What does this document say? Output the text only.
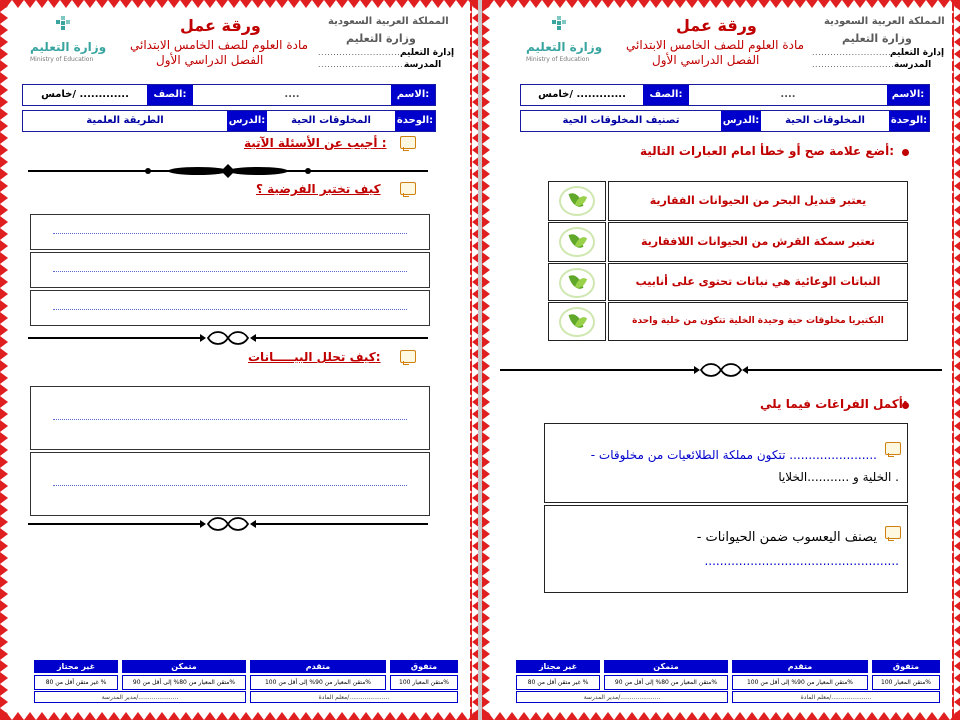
المملكة العربية السعودية
وزارة التعليم
إدارة التعليم
...............................
المدرسة
...............................
ورقة عمل
مادة العلوم للصف الخامس الابتدائي
الفصل الدراسي الأول
وزارة التعليم
Ministry of Education
الاسم:
....
الصف:
خامس/ .............
الوحدة:
المخلوقات الحية
الدرس:
الطريقة العلمية
أجيب عن الأسئلة الآتية :
كيف تختبر الفرضية ؟
كيف تحلل البيـــــانات:
متفوق
متقدم
متمكن
غير مجتاز
متقن المعيار 100%
متقن المعيار من 90% إلى أقل من 100%
متقن المعيار من 80% إلى أقل من 90%
غير متقن أقل من 80 %
معلم المادة/.....................
مدير المدرسة/.....................
المملكة العربية السعودية
وزارة التعليم
إدارة التعليم
...............................
المدرسة
...............................
ورقة عمل
مادة العلوم للصف الخامس الابتدائي
الفصل الدراسي الأول
وزارة التعليم
Ministry of Education
الاسم:
....
الصف:
خامس/ .............
الوحدة:
المخلوقات الحية
الدرس:
تصنيف المخلوقات الحية
أضع علامة صح أو خطأ امام العبارات التالية:
يعتبر قنديل البحر من الحيوانات الفقارية
تعتبر سمكة القرش من الحيوانات اللافقارية
النباتات الوعائية هي نباتات تحتوى على أنابيب
البكتيريا مخلوقات حية وحيدة الخلية تتكون من خلية واحدة
أكمل الفراغات فيما يلي:
- تتكون مملكة الطلائعيات من مخلوقات .......................
الخلية و ...........الخلايا .
- يصنف اليعسوب ضمن الحيوانات
...................................................
متفوق
متقدم
متمكن
غير مجتاز
متقن المعيار 100%
متقن المعيار من 90% إلى أقل من 100%
متقن المعيار من 80% إلى أقل من 90%
غير متقن أقل من 80 %
معلم المادة/.....................
مدير المدرسة/.....................
